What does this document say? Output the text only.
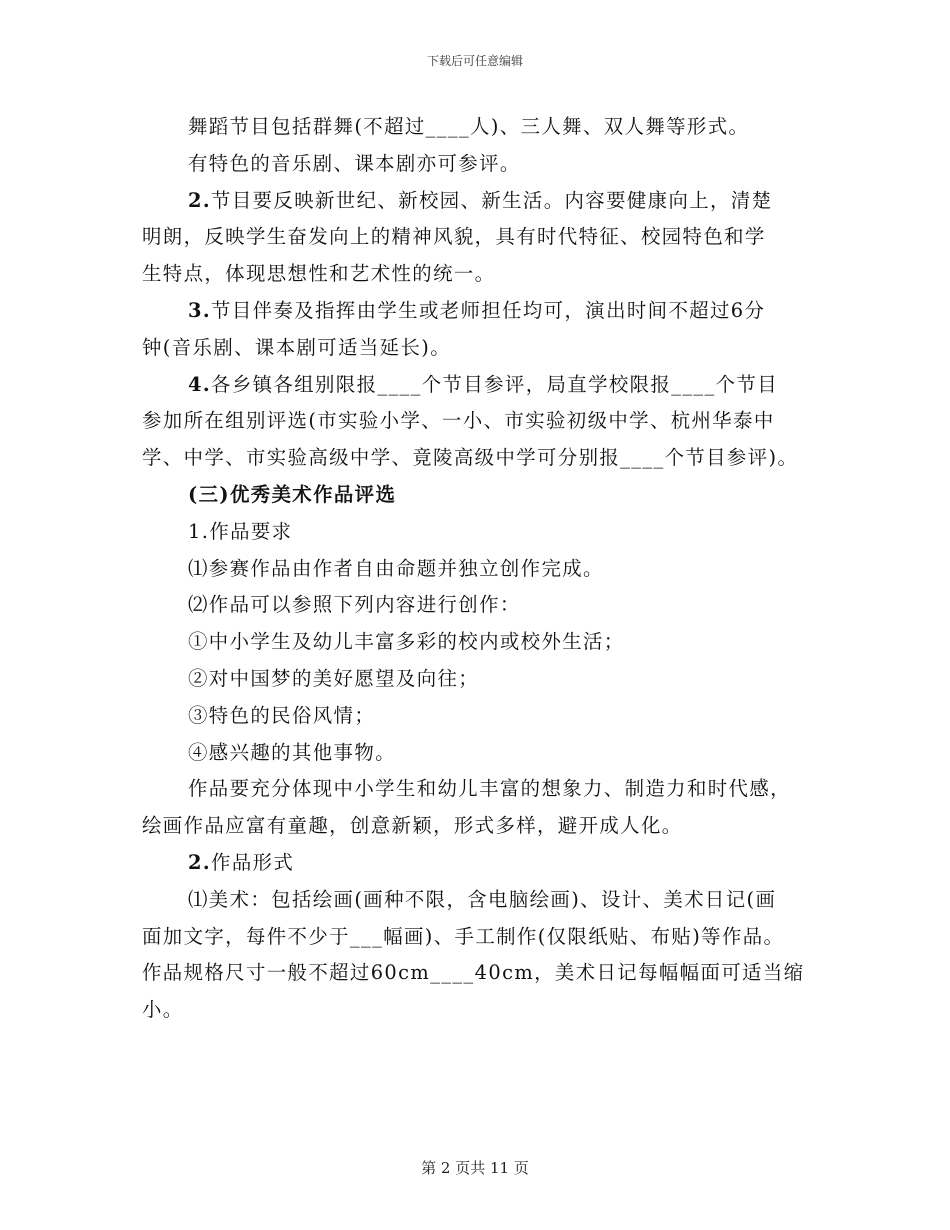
下载后可任意编辑

舞蹈节目包括群舞(不超过____人)、三人舞、双人舞等形式。

有特色的音乐剧、课本剧亦可参评。

2.节目要反映新世纪、新校园、新生活。内容要健康向上，清楚

明朗，反映学生奋发向上的精神风貌，具有时代特征、校园特色和学

生特点，体现思想性和艺术性的统一。

3.节目伴奏及指挥由学生或老师担任均可，演出时间不超过6分

钟(音乐剧、课本剧可适当延长)。

4.各乡镇各组别限报____个节目参评，局直学校限报____个节目

参加所在组别评选(市实验小学、一小、市实验初级中学、杭州华泰中

学、中学、市实验高级中学、竟陵高级中学可分别报____个节目参评)。

(三)优秀美术作品评选

1.作品要求

⑴参赛作品由作者自由命题并独立创作完成。

⑵作品可以参照下列内容进行创作：

①中小学生及幼儿丰富多彩的校内或校外生活；

②对中国梦的美好愿望及向往；

③特色的民俗风情；

④感兴趣的其他事物。

作品要充分体现中小学生和幼儿丰富的想象力、制造力和时代感，

绘画作品应富有童趣，创意新颖，形式多样，避开成人化。

2.作品形式

⑴美术：包括绘画(画种不限，含电脑绘画)、设计、美术日记(画

面加文字，每件不少于___幅画)、手工制作(仅限纸贴、布贴)等作品。

作品规格尺寸一般不超过60cm____40cm，美术日记每幅幅面可适当缩

小。

第 2 页共 11 页
